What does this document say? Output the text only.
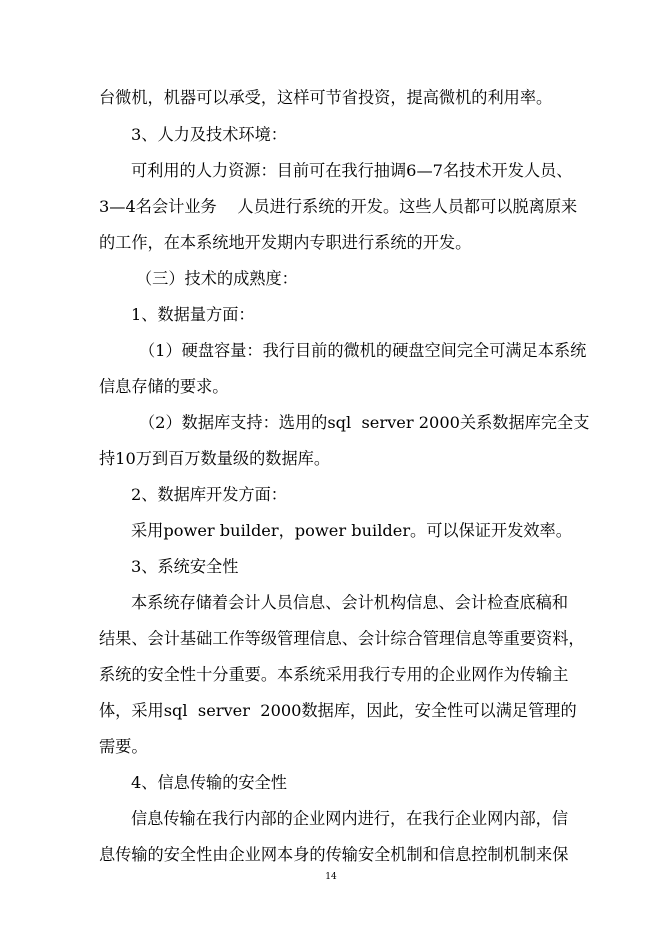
台微机，机器可以承受，这样可节省投资，提高微机的利用率。
3、人力及技术环境：
可利用的人力资源：目前可在我行抽调6—7名技术开发人员、
3—4名会计业务    人员进行系统的开发。这些人员都可以脱离原来
的工作，在本系统地开发期内专职进行系统的开发。
（三）技术的成熟度：
1、数据量方面：
（1）硬盘容量：我行目前的微机的硬盘空间完全可满足本系统
信息存储的要求。
（2）数据库支持：选用的sql  server 2000关系数据库完全支
持10万到百万数量级的数据库。
2、数据库开发方面：
采用power builder，power builder。可以保证开发效率。
3、系统安全性
本系统存储着会计人员信息、会计机构信息、会计检查底稿和
结果、会计基础工作等级管理信息、会计综合管理信息等重要资料，
系统的安全性十分重要。本系统采用我行专用的企业网作为传输主
体，采用sql  server  2000数据库，因此，安全性可以满足管理的
需要。
4、信息传输的安全性
信息传输在我行内部的企业网内进行，在我行企业网内部，信
息传输的安全性由企业网本身的传输安全机制和信息控制机制来保
14
